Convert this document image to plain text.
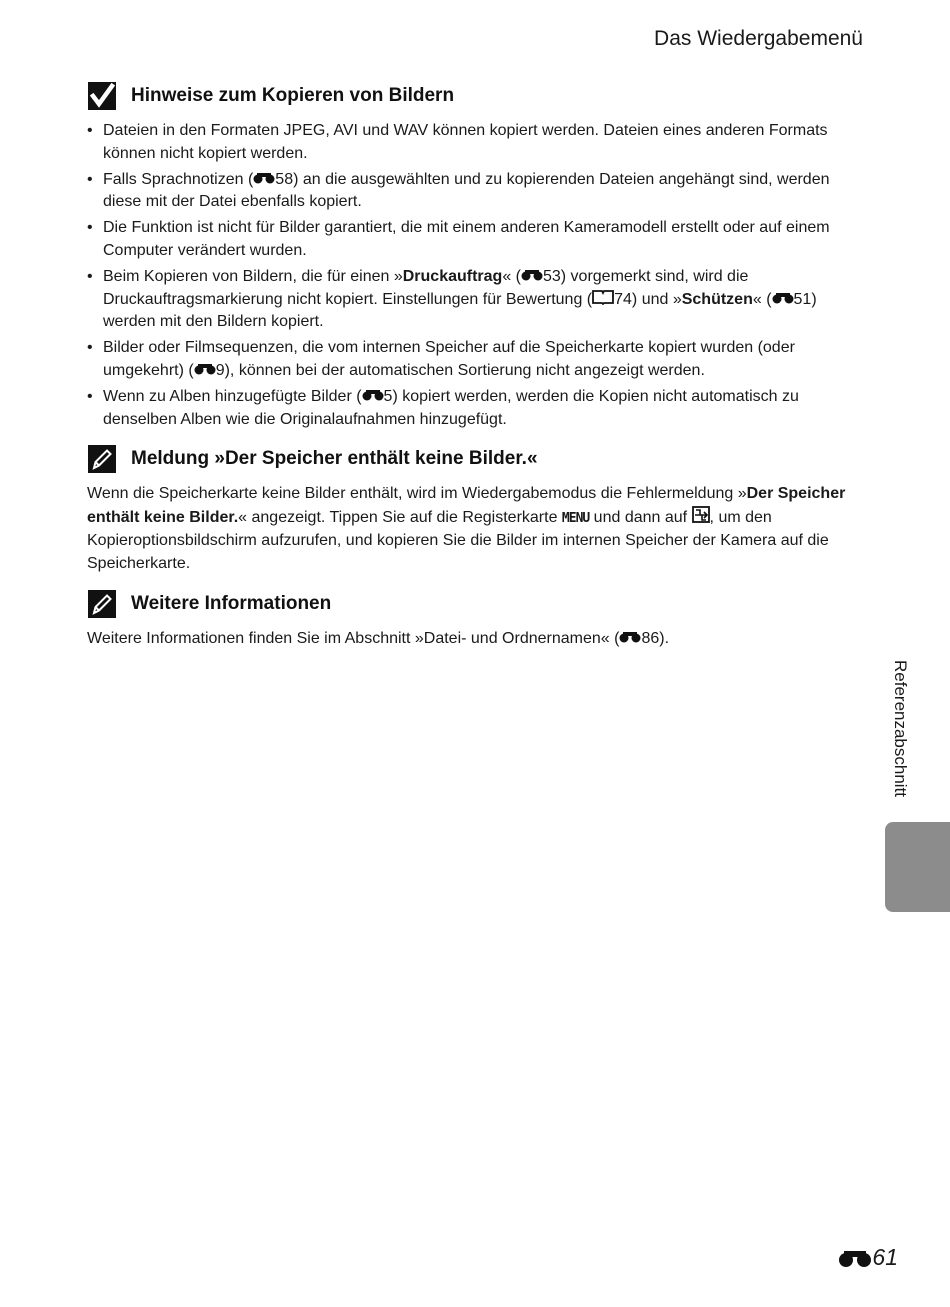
Das Wiedergabemenü
Hinweise zum Kopieren von Bildern
• Dateien in den Formaten JPEG, AVI und WAV können kopiert werden. Dateien eines anderen Formats können nicht kopiert werden.
• Falls Sprachnotizen ( 58) an die ausgewählten und zu kopierenden Dateien angehängt sind, werden diese mit der Datei ebenfalls kopiert.
• Die Funktion ist nicht für Bilder garantiert, die mit einem anderen Kameramodell erstellt oder auf einem Computer verändert wurden.
• Beim Kopieren von Bildern, die für einen »Druckauftrag« ( 53) vorgemerkt sind, wird die Druckauftragsmarkierung nicht kopiert. Einstellungen für Bewertung ( 74) und »Schützen« ( 51) werden mit den Bildern kopiert.
• Bilder oder Filmsequenzen, die vom internen Speicher auf die Speicherkarte kopiert wurden (oder umgekehrt) ( 9), können bei der automatischen Sortierung nicht angezeigt werden.
• Wenn zu Alben hinzugefügte Bilder ( 5) kopiert werden, werden die Kopien nicht automatisch zu denselben Alben wie die Originalaufnahmen hinzugefügt.
Meldung »Der Speicher enthält keine Bilder.«

Wenn die Speicherkarte keine Bilder enthält, wird im Wiedergabemodus die Fehlermeldung »Der Speicher enthält keine Bilder.« angezeigt. Tippen Sie auf die Registerkarte MENU und dann auf , um den Kopieroptionsbildschirm aufzurufen, und kopieren Sie die Bilder im internen Speicher der Kamera auf die Speicherkarte.

Weitere Informationen

Weitere Informationen finden Sie im Abschnitt »Datei- und Ordnernamen« ( 86).

Referenzabschnitt
61
